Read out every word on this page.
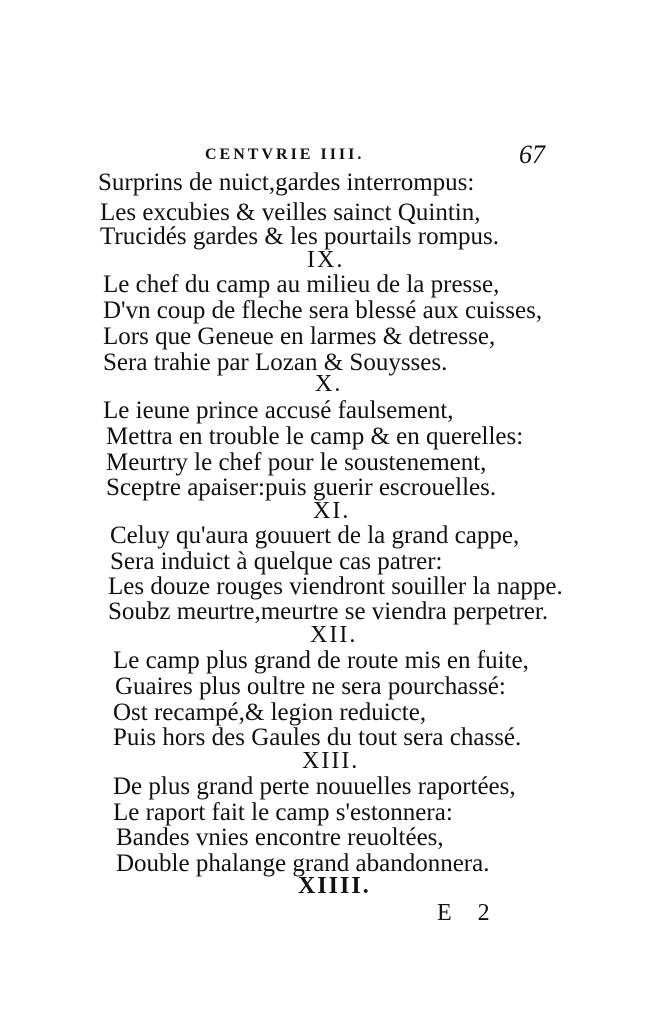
CENTVRIE IIII.	67
Surprins de nuict,gardes interrompus:
Les excubies & veilles sainct Quintin,
Trucidés gardes & les pourtails rompus.
IX.
Le chef du camp au milieu de la presse,
D'vn coup de fleche sera blessé aux cuisses,
Lors que Geneue en larmes & detresse,
Sera trahie par Lozan & Souysses.
X.
Le ieune prince accusé faulsement,
Mettra en trouble le camp & en querelles:
Meurtry le chef pour le soustenement,
Sceptre apaiser:puis guerir escrouelles.
XI.
Celuy qu'aura gouuert de la grand cappe,
Sera induict à quelque cas patrer:
Les douze rouges viendront souiller la nappe.
Soubz meurtre,meurtre se viendra perpetrer.
XII.
Le camp plus grand de route mis en fuite,
Guaires plus oultre ne sera pourchassé:
Ost recampé,& legion reduicte,
Puis hors des Gaules du tout sera chassé.
XIII.
De plus grand perte nouuelles raportées,
Le raport fait le camp s'estonnera:
Bandes vnies encontre reuoltées,
Double phalange grand abandonnera.
XIIII.
E 2
